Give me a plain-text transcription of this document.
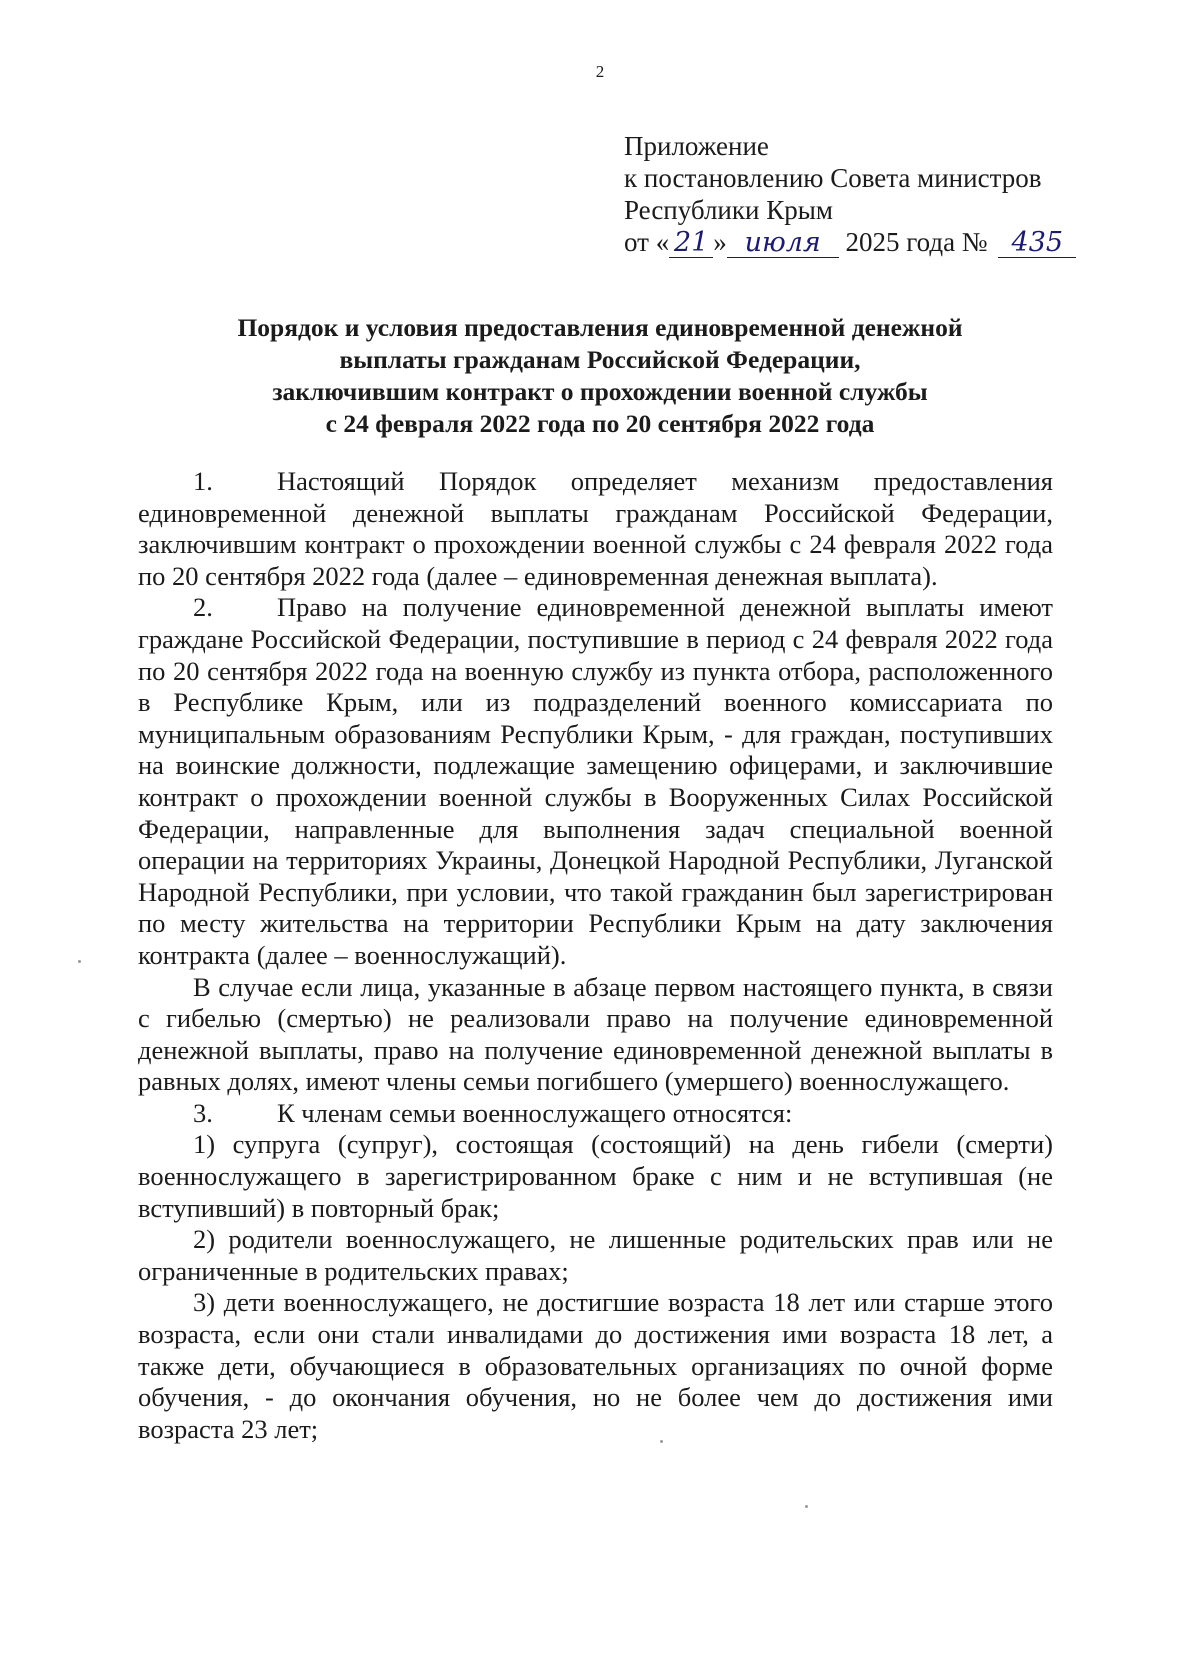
2
Приложение
к постановлению Совета министров
Республики Крым
от « 21 » июля 2025 года № 435
Порядок и условия предоставления единовременной денежной
выплаты гражданам Российской Федерации,
заключившим контракт о прохождении военной службы
с 24 февраля 2022 года по 20 сентября 2022 года

1. Настоящий Порядок определяет механизм предоставления единовременной денежной выплаты гражданам Российской Федерации, заключившим контракт о прохождении военной службы с 24 февраля 2022 года по 20 сентября 2022 года (далее – единовременная денежная выплата).

2. Право на получение единовременной денежной выплаты имеют граждане Российской Федерации, поступившие в период с 24 февраля 2022 года по 20 сентября 2022 года на военную службу из пункта отбора, расположенного в Республике Крым, или из подразделений военного комиссариата по муниципальным образованиям Республики Крым, - для граждан, поступивших на воинские должности, подлежащие замещению офицерами, и заключившие контракт о прохождении военной службы в Вооруженных Силах Российской Федерации, направленные для выполнения задач специальной военной операции на территориях Украины, Донецкой Народной Республики, Луганской Народной Республики, при условии, что такой гражданин был зарегистрирован по месту жительства на территории Республики Крым на дату заключения контракта (далее – военнослужащий).

В случае если лица, указанные в абзаце первом настоящего пункта, в связи с гибелью (смертью) не реализовали право на получение единовременной денежной выплаты, право на получение единовременной денежной выплаты в равных долях, имеют члены семьи погибшего (умершего) военнослужащего.

3. К членам семьи военнослужащего относятся:

1) супруга (супруг), состоящая (состоящий) на день гибели (смерти) военнослужащего в зарегистрированном браке с ним и не вступившая (не вступивший) в повторный брак;

2) родители военнослужащего, не лишенные родительских прав или не ограниченные в родительских правах;

3) дети военнослужащего, не достигшие возраста 18 лет или старше этого возраста, если они стали инвалидами до достижения ими возраста 18 лет, а также дети, обучающиеся в образовательных организациях по очной форме обучения, - до окончания обучения, но не более чем до достижения ими возраста 23 лет;
